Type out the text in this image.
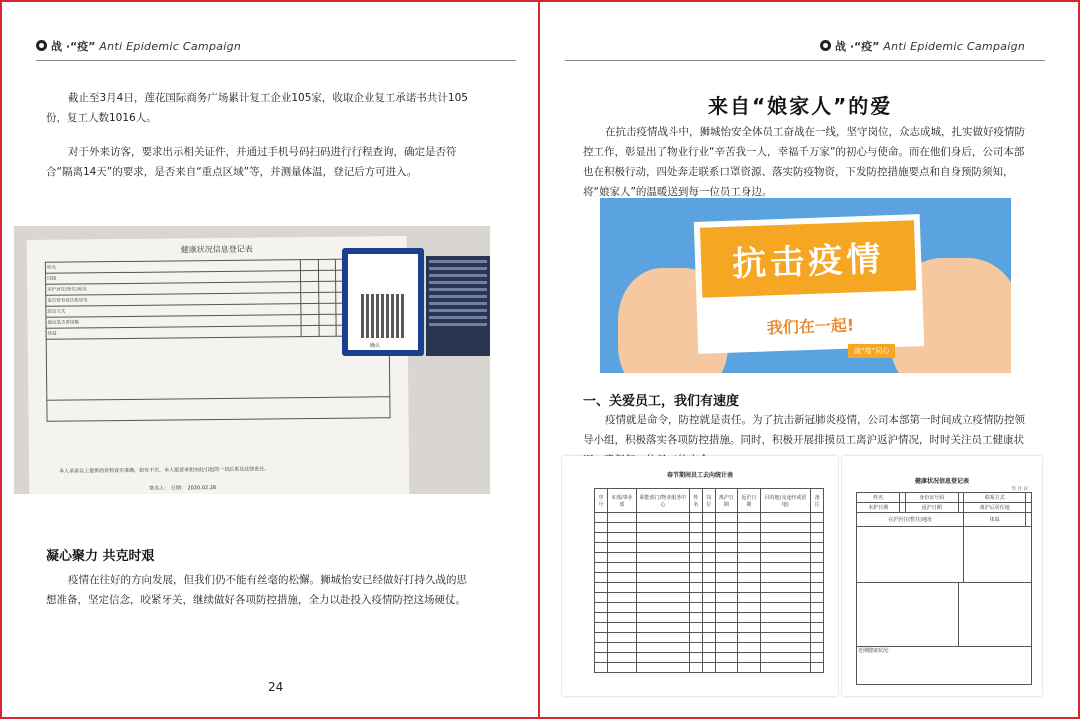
战 ·“疫” Anti Epidemic Campaign
截止至3月4日，莲花国际商务广场累计复工企业105家，收取企业复工承诺书共计105份，复工人数1016人。
对于外来访客，要求出示相关证件，并通过手机号码扫码进行行程查询，确定是否符合“隔离14天”的要求，是否来自“重点区域”等，并测量体温，登记后方可进入。
健康状况信息登记表
姓名					
国籍					
来沪居住(暂住)地址					
是否曾有疫区旅居史					
进出方式					
最近是否曾接触					
体温					

本人承诺以上提供的资料真实准确，如有不实，本人愿意承担由此引起的一切后果及法律责任。
签名人： 日期： 2020.02.28
确认
凝心聚力 共克时艰
疫情在往好的方向发展，但我们仍不能有丝毫的松懈。狮城怡安已经做好打持久战的思想准备，坚定信念，咬紧牙关，继续做好各项防控措施，全力以赴投入疫情防控这场硬仗。
24
战 ·“疫” Anti Epidemic Campaign
来自“娘家人”的爱
在抗击疫情战斗中，狮城怡安全体员工奋战在一线，坚守岗位，众志成城，扎实做好疫情防控工作，彰显出了物业行业“辛苦我一人，幸福千万家”的初心与使命。而在他们身后，公司本部也在积极行动，四处奔走联系口罩资源、落实防疫物资，下发防控措施要点和自身预防须知，将“娘家人”的温暖送到每一位员工身边。
抗击疫情
我们在一起!
战“疫”同心
一、关爱员工，我们有速度
疫情就是命令，防控就是责任。为了抗击新冠肺炎疫情，公司本部第一时间成立疫情防控领导小组，积极落实各项防控措施。同时，积极开展排摸员工离沪返沪情况，时时关注员工健康状
春节期间员工去向统计表
序号	本部/事业部	职能部门/物业服务中心	姓名	岗位	离沪日期	返沪日期	目的地(及途经或留地)	备注

健康状况信息登记表
年 月 日
姓名		身份证号码		联系方式	
本护日期		返沪日期		离沪后居住地	
在沪居住(暂住)地址				体温	

近期健康状况：					
